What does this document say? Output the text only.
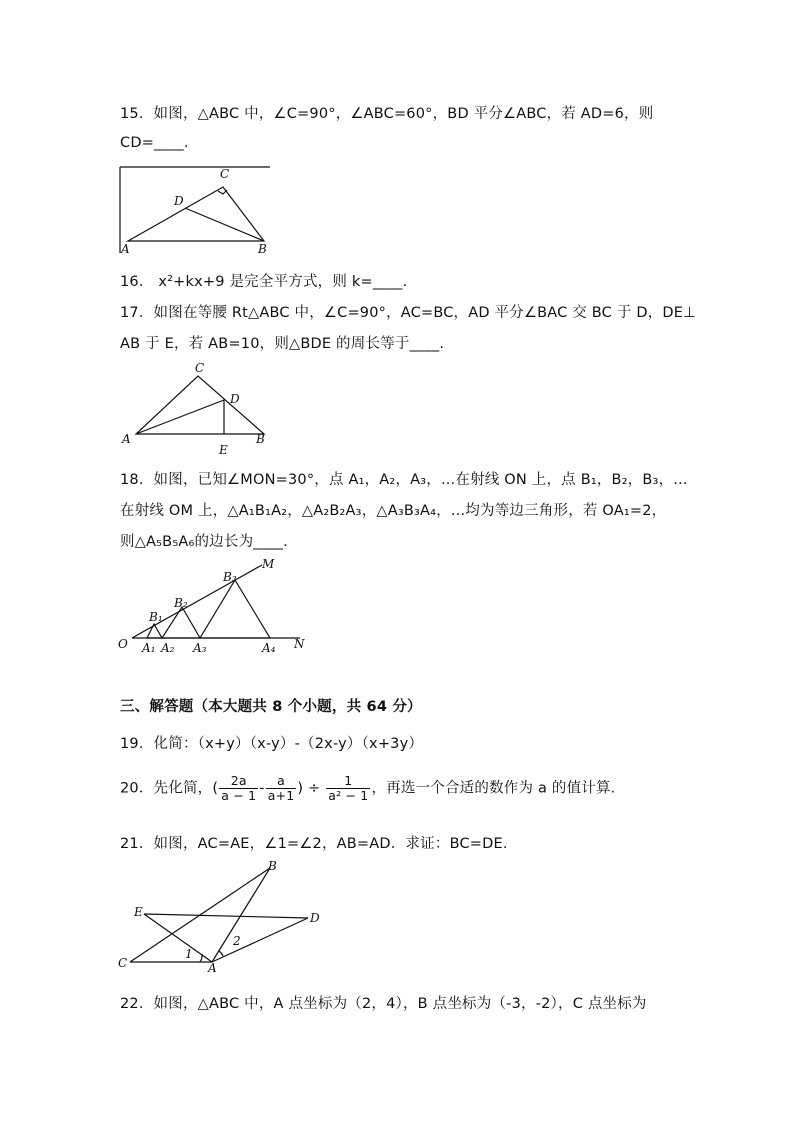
15．如图，△ABC 中，∠C=90°，∠ABC=60°，BD 平分∠ABC，若 AD=6，则
CD=____.
A	B
C
D
16． x²+kx+9 是完全平方式，则 k=____.
17．如图在等腰 Rt△ABC 中，∠C=90°，AC=BC，AD 平分∠BAC 交 BC 于 D，DE⊥
AB 于 E，若 AB=10，则△BDE 的周长等于____.
A	B
C
D
E
18．如图，已知∠MON=30°，点 A₁，A₂，A₃，...在射线 ON 上，点 B₁，B₂，B₃，...
在射线 OM 上，△A₁B₁A₂，△A₂B₂A₃，△A₃B₃A₄，...均为等边三角形，若 OA₁=2，
则△A₅B₅A₆的边长为____.
O	N
M
A₁ A₂ A₃	A₄
B₁
B₂
B₃
三、解答题（本大题共 8 个小题，共 64 分）
19．化简：（x+y）（x-y）-（2x-y）（x+3y）
20．先化简，( $\frac{2a}{a - 1} - \frac{a}{a+1}$ ) ÷ $\frac{1}{\text{a² − 1}}$ ，再选一个合适的数作为 a 的值计算.
21．如图，AC=AE，∠1=∠2，AB=AD．求证：BC=DE.
C	A
B
E	D
1
2
22．如图，△ABC 中，A 点坐标为（2，4），B 点坐标为（-3，-2），C 点坐标为
